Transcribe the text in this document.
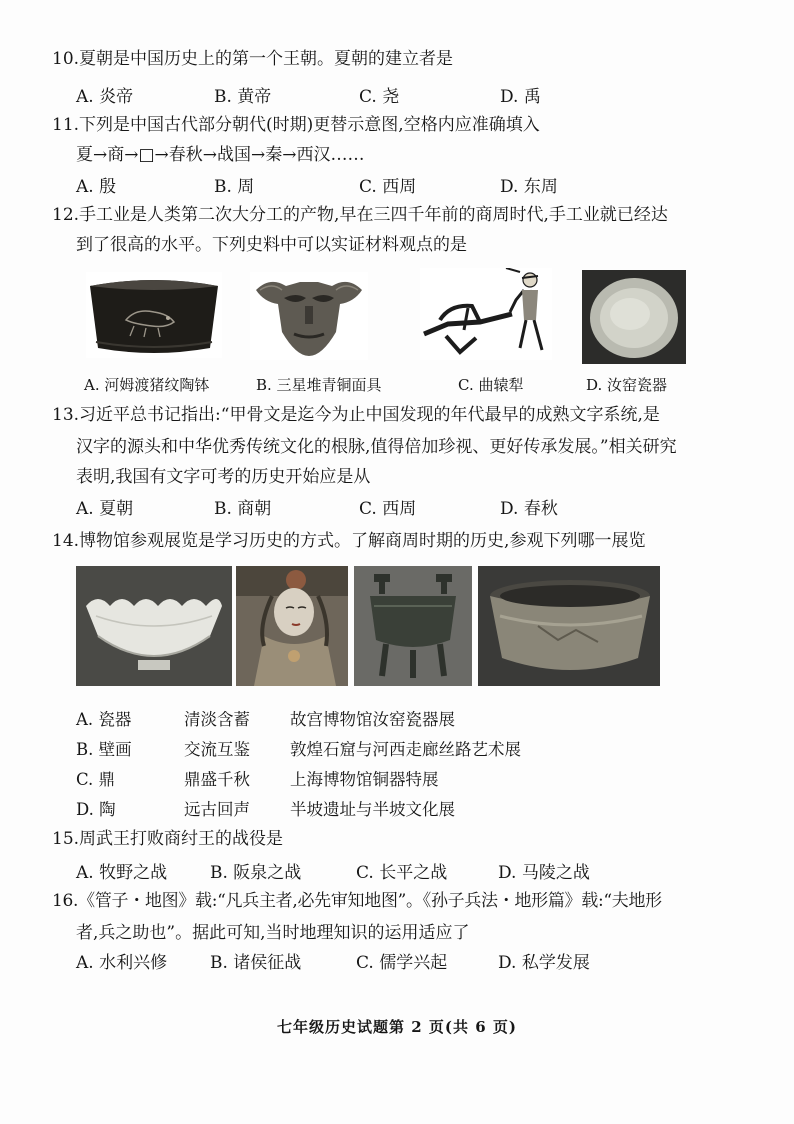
10.夏朝是中国历史上的第一个王朝。夏朝的建立者是
A. 炎帝	B. 黄帝	C. 尧	D. 禹
11.下列是中国古代部分朝代(时期)更替示意图,空格内应准确填入
夏→商→□→春秋→战国→秦→西汉……
A. 殷	B. 周	C. 西周	D. 东周
12.手工业是人类第二次大分工的产物,早在三四千年前的商周时代,手工业就已经达
到了很高的水平。下列史料中可以实证材料观点的是
A. 河姆渡猪纹陶钵	B. 三星堆青铜面具	C. 曲辕犁	D. 汝窑瓷器
13.习近平总书记指出:“甲骨文是迄今为止中国发现的年代最早的成熟文字系统,是
汉字的源头和中华优秀传统文化的根脉,值得倍加珍视、更好传承发展。”相关研究
表明,我国有文字可考的历史开始应是从
A. 夏朝	B. 商朝	C. 西周	D. 春秋
14.博物馆参观展览是学习历史的方式。了解商周时期的历史,参观下列哪一展览
A. 瓷器	清淡含蓄 故宫博物馆汝窑瓷器展
B. 壁画	交流互鉴 敦煌石窟与河西走廊丝路艺术展
C. 鼎	鼎盛千秋 上海博物馆铜器特展
D. 陶	远古回声 半坡遗址与半坡文化展
15.周武王打败商纣王的战役是
A. 牧野之战	B. 阪泉之战	C. 长平之战	D. 马陵之战
16.《管子・地图》载:“凡兵主者,必先审知地图”。《孙子兵法・地形篇》载:“夫地形
者,兵之助也”。据此可知,当时地理知识的运用适应了
A. 水利兴修	B. 诸侯征战	C. 儒学兴起	D. 私学发展
七年级历史试题第 2 页(共 6 页)
